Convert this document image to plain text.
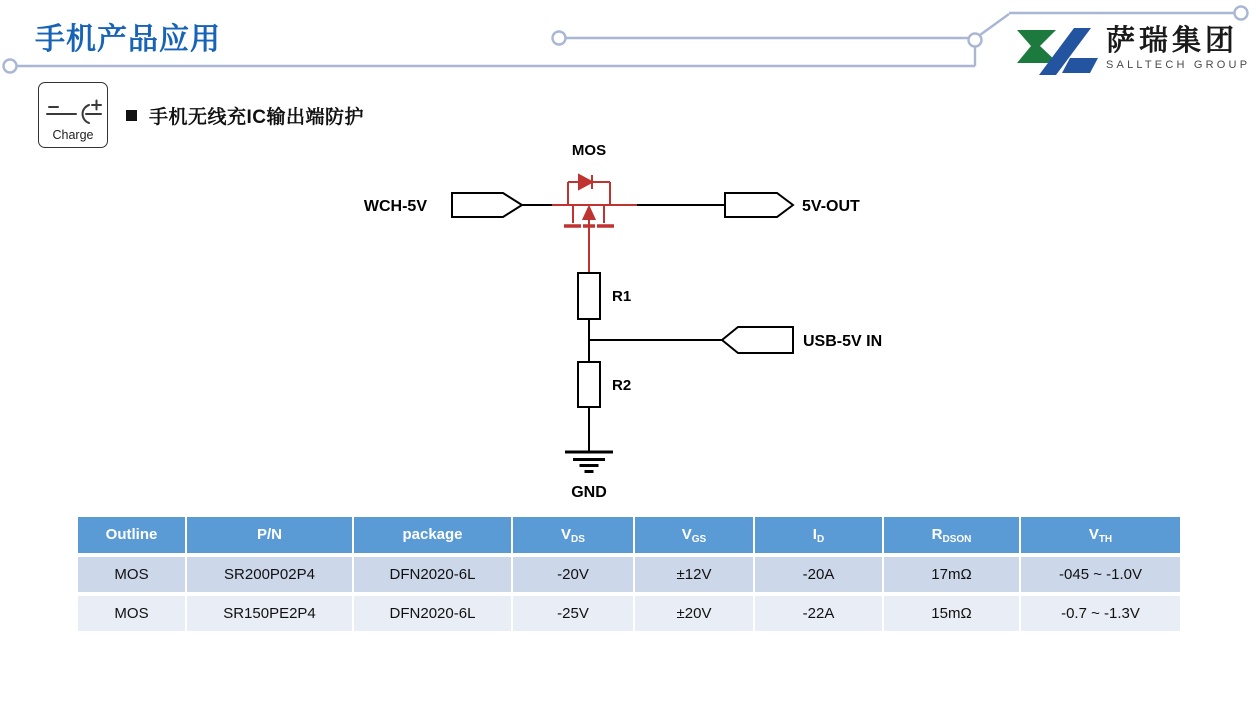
手机产品应用	萨瑞集团
SALLTECH GROUP
Charge
手机无线充IC输出端防护
WCH-5V	5V-OUT
USB-5V IN
MOS
R1
R2
GND
Outline	P/N	package	$V_{DS}$	$V_{GS}$	$I_D$	$R_{DSON}$	$V_{TH}$
MOS	SR200P02P4	DFN2020-6L	-20V	±12V	-20A	17mΩ	-045 ~ -1.0V
MOS	SR150PE2P4	DFN2020-6L	-25V	±20V	-22A	15mΩ	-0.7 ~ -1.3V
